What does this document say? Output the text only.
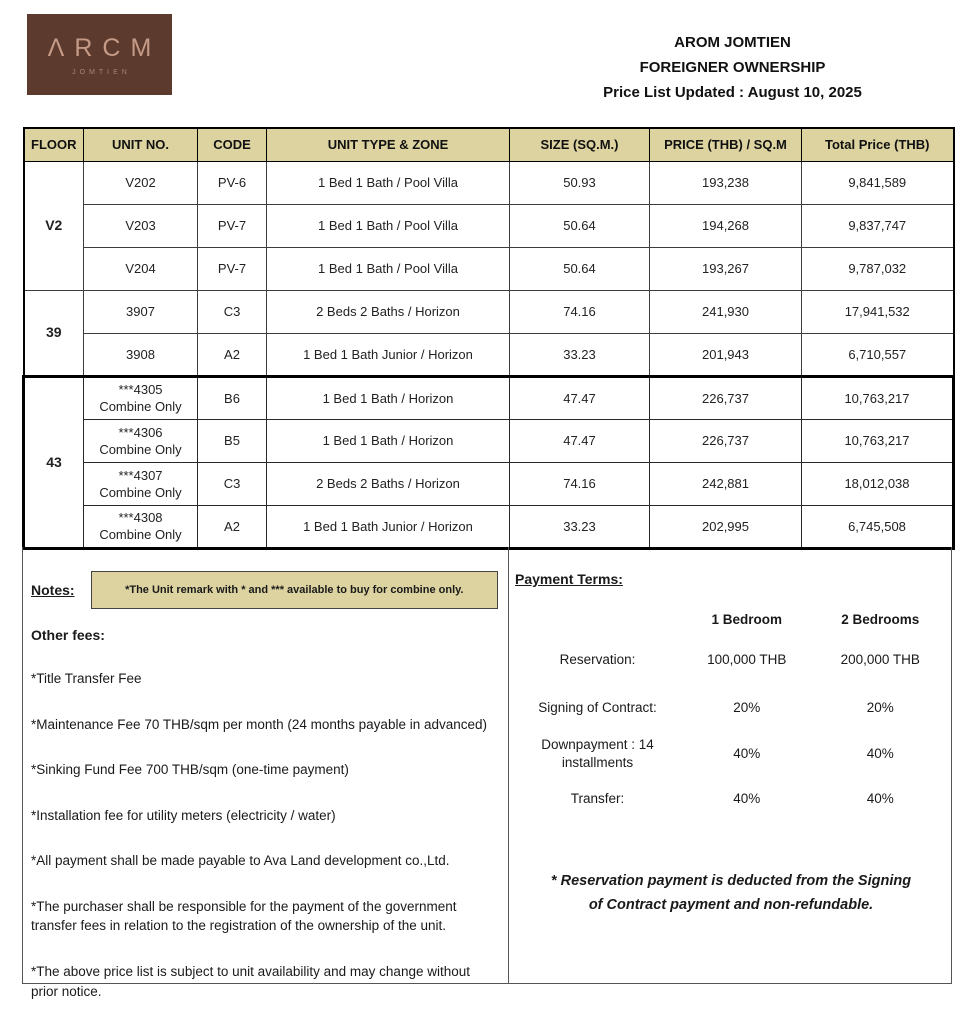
ΛRCM
JOMTIEN
AROM JOMTIEN
FOREIGNER OWNERSHIP
Price List Updated : August 10, 2025
FLOOR	UNIT NO.	CODE	UNIT TYPE & ZONE	SIZE (SQ.M.)	PRICE (THB) / SQ.M	Total Price (THB)
V2	V202	PV-6	1 Bed 1 Bath / Pool Villa	50.93	193,238	9,841,589

	V203	PV-7	1 Bed 1 Bath / Pool Villa	50.64	194,268	9,837,747

	V204	PV-7	1 Bed 1 Bath / Pool Villa	50.64	193,267	9,787,032
39	3907	C3	2 Beds 2 Baths / Horizon	74.16	241,930	17,941,532

	3908	A2	1 Bed 1 Bath Junior / Horizon	33.23	201,943	6,710,557
43	***4305
Combine Only	B6	1 Bed 1 Bath / Horizon	47.47	226,737	10,763,217

	***4306
Combine Only	B5	1 Bed 1 Bath / Horizon	47.47	226,737	10,763,217

	***4307
Combine Only	C3	2 Beds 2 Baths / Horizon	74.16	242,881	18,012,038

	***4308
Combine Only	A2	1 Bed 1 Bath Junior / Horizon	33.23	202,995	6,745,508
Notes:	*The Unit remark with * and *** available to buy for combine only.
Other fees:
*Title Transfer Fee
*Maintenance Fee 70 THB/sqm per month (24 months payable in advanced)
*Sinking Fund Fee 700 THB/sqm (one-time payment)
*Installation fee for utility meters (electricity / water)
*All payment shall be made payable to Ava Land development co.,Ltd.
*The purchaser shall be responsible for the payment of the government transfer fees in relation to the registration of the ownership of the unit.
*The above price list is subject to unit availability and may change without prior notice.
Payment Terms:
1 Bedroom	2 Bedrooms
Reservation:	100,000 THB	200,000 THB
Signing of Contract:	20%	20%
Downpayment : 14 installments
40%	40%
Transfer:	40%	40%
* Reservation payment is deducted from the Signing of Contract payment and non-refundable.
